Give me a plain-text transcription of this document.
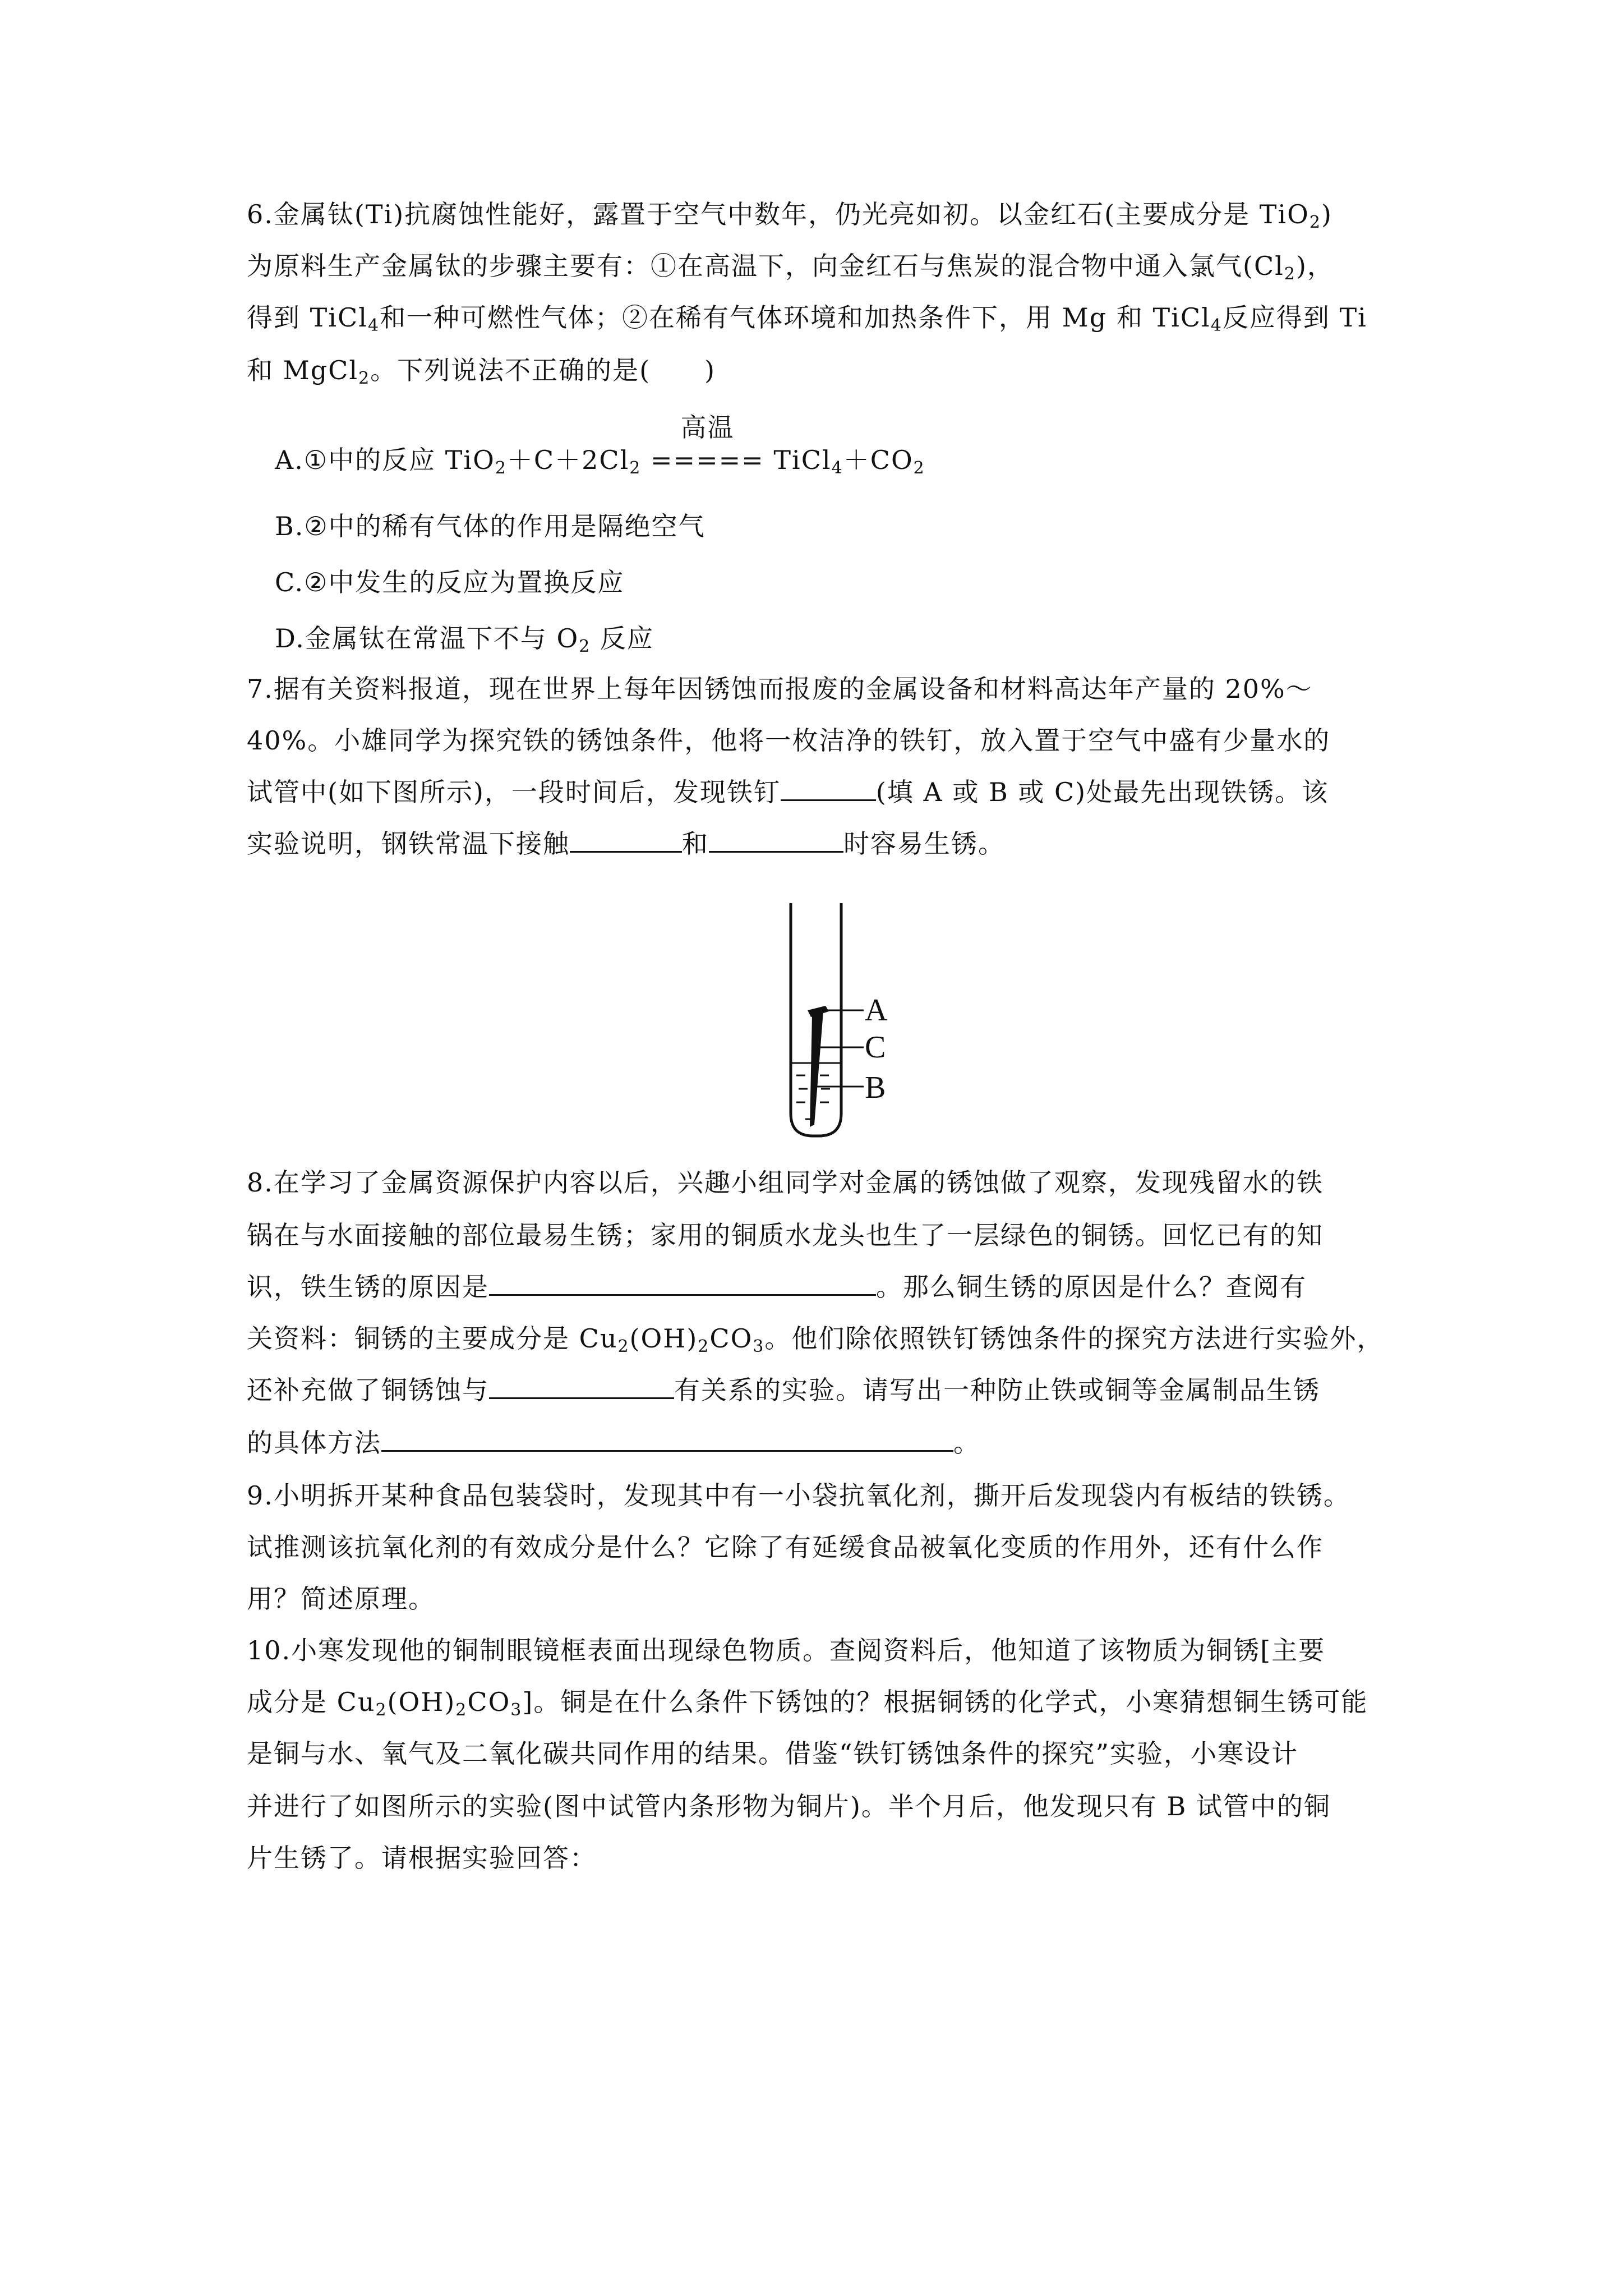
6.金属钛(Ti)抗腐蚀性能好，露置于空气中数年，仍光亮如初。以金红石(主要成分是 TiO$_2$)
为原料生产金属钛的步骤主要有：①在高温下，向金红石与焦炭的混合物中通入氯气$(Cl_2)$，
得到 TiCl$_4$和一种可燃性气体；②在稀有气体环境和加热条件下，用 Mg 和 TiCl$_4$反应得到 Ti
和 MgCl$_2$。下列说法不正确的是(　　)
A.①中的反应 $TiO_2+C+2Cl_2$
高温
===== $TiCl_4+CO_2$
B.②中的稀有气体的作用是隔绝空气
C.②中发生的反应为置换反应
D.金属钛在常温下不与 $O_2$ 反应
7.据有关资料报道，现在世界上每年因锈蚀而报废的金属设备和材料高达年产量的 20%～
40%。小雄同学为探究铁的锈蚀条件，他将一枚洁净的铁钉，放入置于空气中盛有少量水的
试管中(如下图所示)，一段时间后，发现铁钉	(填 A 或 B 或 C)处最先出现铁锈。该
实验说明，钢铁常温下接触	和	时容易生锈。
A
C
B
8.在学习了金属资源保护内容以后，兴趣小组同学对金属的锈蚀做了观察，发现残留水的铁
锅在与水面接触的部位最易生锈；家用的铜质水龙头也生了一层绿色的铜锈。回忆已有的知
识，铁生锈的原因是	。那么铜生锈的原因是什么？查阅有
关资料：铜锈的主要成分是 $Cu_2(OH)_2CO_3$。他们除依照铁钉锈蚀条件的探究方法进行实验外，
还补充做了铜锈蚀与	有关系的实验。请写出一种防止铁或铜等金属制品生锈
的具体方法	。
9.小明拆开某种食品包装袋时，发现其中有一小袋抗氧化剂，撕开后发现袋内有板结的铁锈。
试推测该抗氧化剂的有效成分是什么？它除了有延缓食品被氧化变质的作用外，还有什么作
用？简述原理。
10.小寒发现他的铜制眼镜框表面出现绿色物质。查阅资料后，他知道了该物质为铜锈[主要
成分是 $Cu_2(OH)_2CO_3$]。铜是在什么条件下锈蚀的？根据铜锈的化学式，小寒猜想铜生锈可能
是铜与水、氧气及二氧化碳共同作用的结果。借鉴“铁钉锈蚀条件的探究”实验，小寒设计
并进行了如图所示的实验(图中试管内条形物为铜片)。半个月后，他发现只有 B 试管中的铜
片生锈了。请根据实验回答：
